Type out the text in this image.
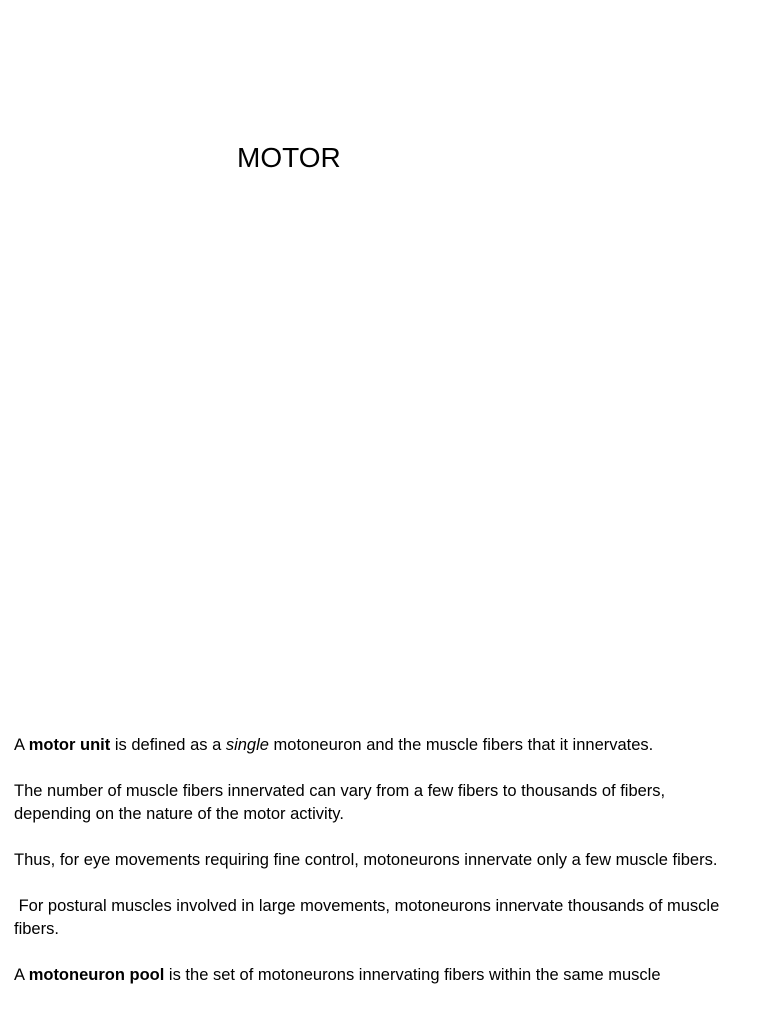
MOTOR

A motor unit is defined as a single motoneuron and the muscle fibers that it innervates.

The number of muscle fibers innervated can vary from a few fibers to thousands of fibers, depending on the nature of the motor activity.

Thus, for eye movements requiring fine control, motoneurons innervate only a few muscle fibers.

For postural muscles involved in large movements, motoneurons innervate thousands of muscle fibers.

A motoneuron pool is the set of motoneurons innervating fibers within the same muscle
